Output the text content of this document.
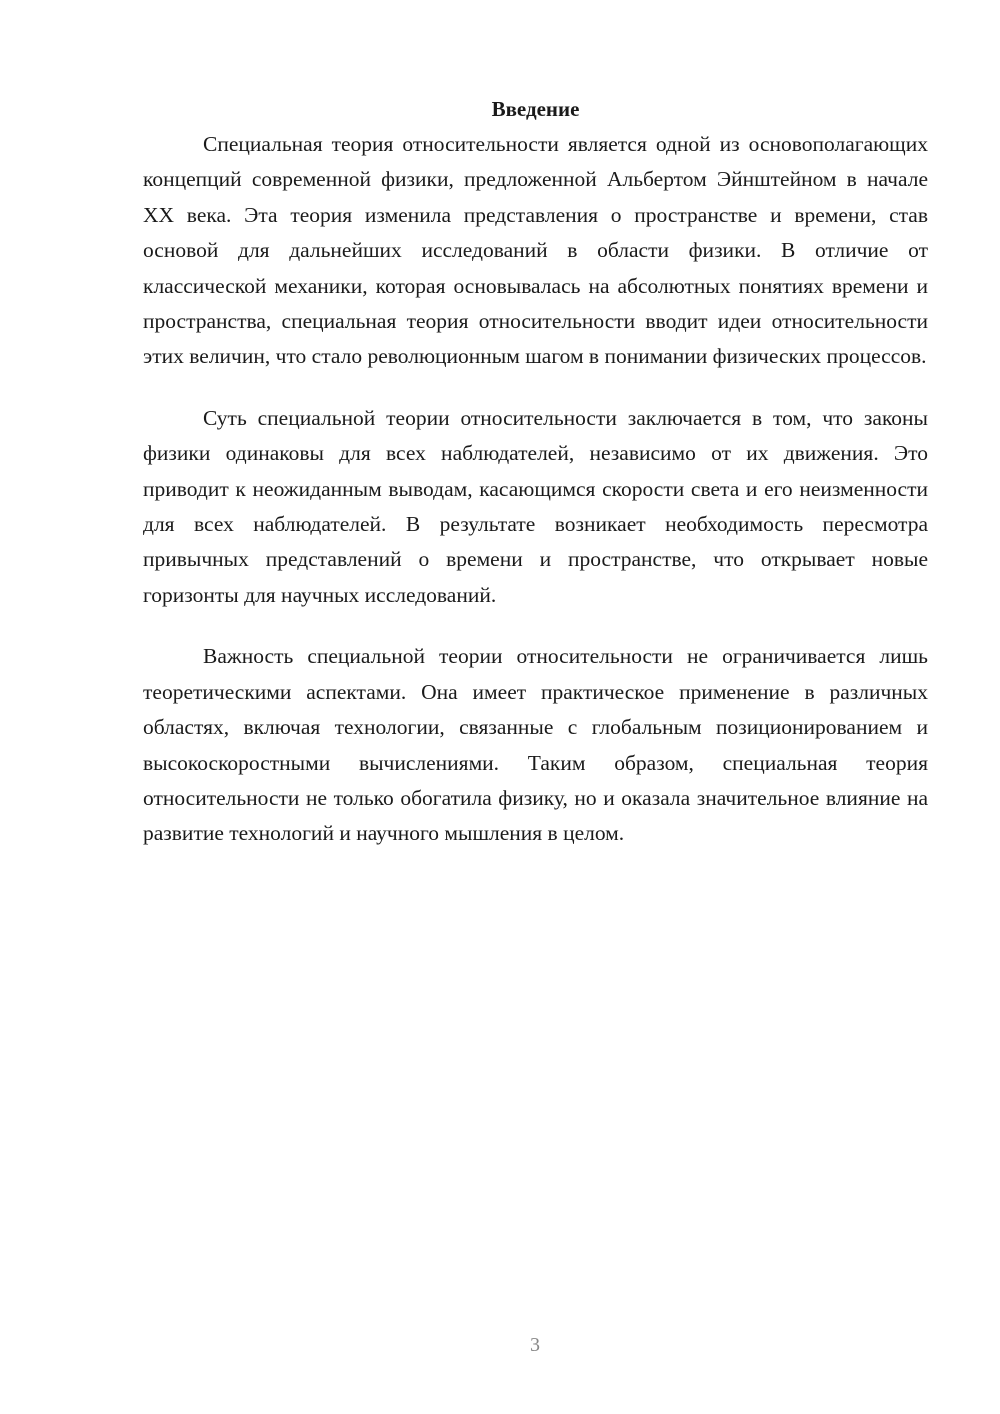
Введение

Специальная теория относительности является одной из основополагающих концепций современной физики, предложенной Альбертом Эйнштейном в начале XX века. Эта теория изменила представления о пространстве и времени, став основой для дальнейших исследований в области физики. В отличие от классической механики, которая основывалась на абсолютных понятиях времени и пространства, специальная теория относительности вводит идеи относительности этих величин, что стало революционным шагом в понимании физических процессов.

Суть специальной теории относительности заключается в том, что законы физики одинаковы для всех наблюдателей, независимо от их движения. Это приводит к неожиданным выводам, касающимся скорости света и его неизменности для всех наблюдателей. В результате возникает необходимость пересмотра привычных представлений о времени и пространстве, что открывает новые горизонты для научных исследований.

Важность специальной теории относительности не ограничивается лишь теоретическими аспектами. Она имеет практическое применение в различных областях, включая технологии, связанные с глобальным позиционированием и высокоскоростными вычислениями. Таким образом, специальная теория относительности не только обогатила физику, но и оказала значительное влияние на развитие технологий и научного мышления в целом.

3
